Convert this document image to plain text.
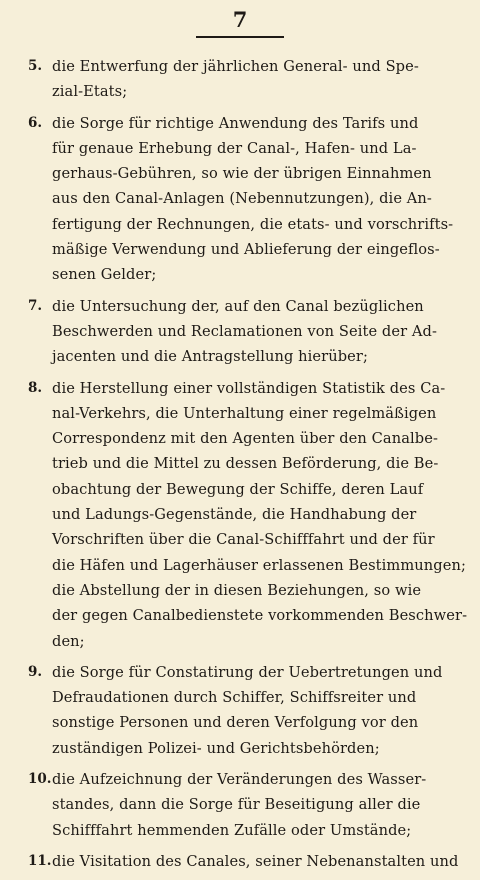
7
5. die Entwerfung der jährlichen General- und Spe-
zial-Etats;
6. die Sorge für richtige Anwendung des Tarifs und
für genaue Erhebung der Canal-, Hafen- und La-
gerhaus-Gebühren, so wie der übrigen Einnahmen
aus den Canal-Anlagen (Nebennutzungen), die An-
fertigung der Rechnungen, die etats- und vorschrifts-
mäßige Verwendung und Ablieferung der eingeflos-
senen Gelder;
7. die Untersuchung der, auf den Canal bezüglichen
Beschwerden und Reclamationen von Seite der Ad-
jacenten und die Antragstellung hierüber;
8. die Herstellung einer vollständigen Statistik des Ca-
nal-Verkehrs, die Unterhaltung einer regelmäßigen
Correspondenz mit den Agenten über den Canalbe-
trieb und die Mittel zu dessen Beförderung, die Be-
obachtung der Bewegung der Schiffe, deren Lauf
und Ladungs-Gegenstände, die Handhabung der
Vorschriften über die Canal-Schifffahrt und der für
die Häfen und Lagerhäuser erlassenen Bestimmungen;
die Abstellung der in diesen Beziehungen, so wie
der gegen Canalbedienstete vorkommenden Beschwer-
den;
9. die Sorge für Constatirung der Uebertretungen und
Defraudationen durch Schiffer, Schiffsreiter und
sonstige Personen und deren Verfolgung vor den
zuständigen Polizei- und Gerichtsbehörden;
10. die Aufzeichnung der Veränderungen des Wasser-
standes, dann die Sorge für Beseitigung aller die
Schifffahrt hemmenden Zufälle oder Umstände;
11. die Visitation des Canales, seiner Nebenanstalten und
